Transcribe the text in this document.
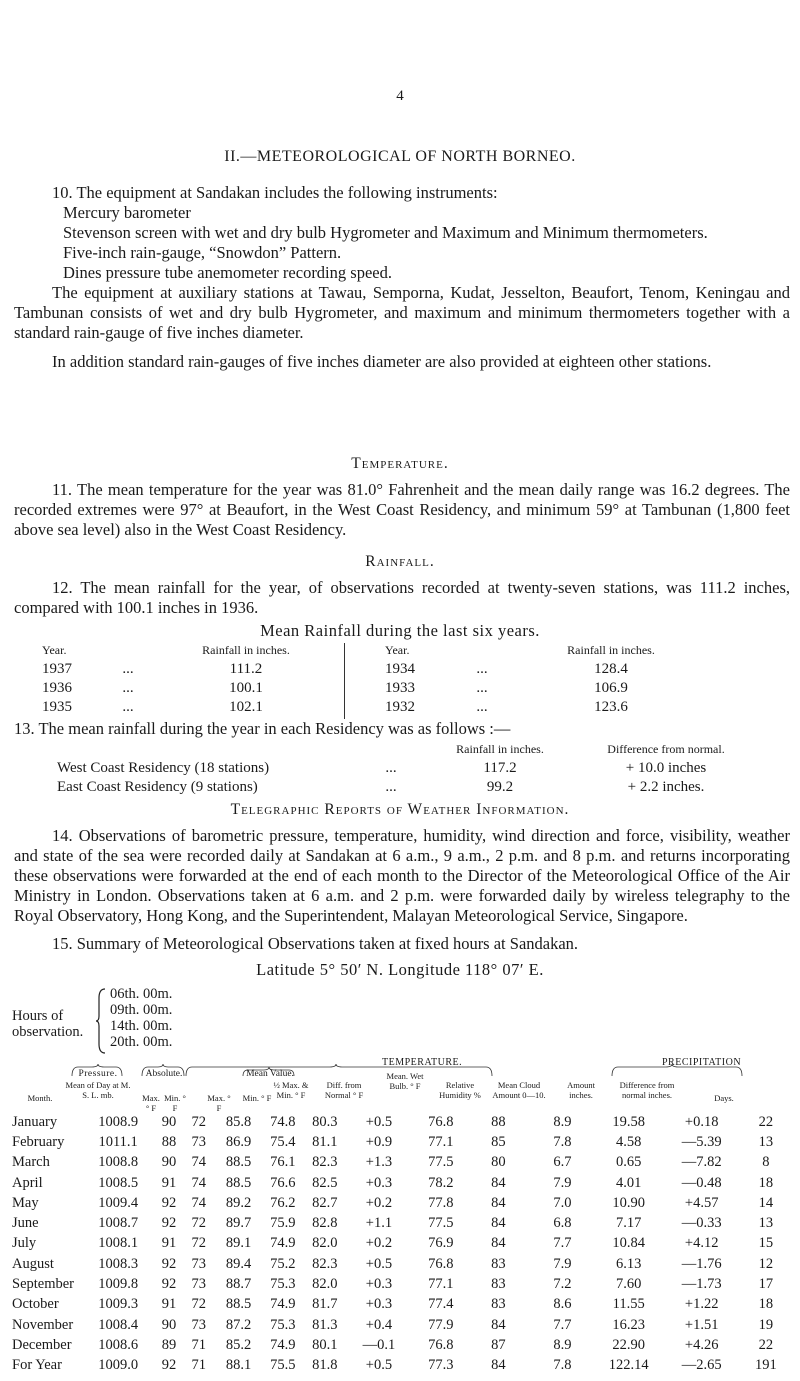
4
II.—METEOROLOGICAL OF NORTH BORNEO.

10. The equipment at Sandakan includes the following instruments:

Mercury barometer

Stevenson screen with wet and dry bulb Hygrometer and Maximum and Minimum thermometers.

Five-inch rain-gauge, “Snowdon” Pattern.

Dines pressure tube anemometer recording speed.

The equipment at auxiliary stations at Tawau, Semporna, Kudat, Jesselton, Beaufort, Tenom, Keningau and Tambunan consists of wet and dry bulb Hygrometer, and maximum and minimum thermometers together with a standard rain-gauge of five inches diameter.

In addition standard rain-gauges of five inches diameter are also provided at eighteen other stations.

Temperature.

11. The mean temperature for the year was 81.0° Fahrenheit and the mean daily range was 16.2 degrees. The recorded extremes were 97° at Beaufort, in the West Coast Residency, and minimum 59° at Tambunan (1,800 feet above sea level) also in the West Coast Residency.

Rainfall.

12. The mean rainfall for the year, of observations recorded at twenty-seven stations, was 111.2 inches, compared with 100.1 inches in 1936.

Mean Rainfall during the last six years.
Year.		Rainfall in inches.
1937	...	111.2
1936	...	100.1
1935	...	102.1
Year.		Rainfall in inches.
1934	...	128.4
1933	...	106.9
1932	...	123.6

13. The mean rainfall during the year in each Residency was as follows :—

		Rainfall in inches.	Difference from normal.
West Coast Residency (18 stations)	...	117.2	+ 10.0 inches
East Coast Residency (9 stations)	...	99.2	+ 2.2 inches.
Telegraphic Reports of Weather Information.

14. Observations of barometric pressure, temperature, humidity, wind direction and force, visibility, weather and state of the sea were recorded daily at Sandakan at 6 a.m., 9 a.m., 2 p.m. and 8 p.m. and returns incorporating these observations were forwarded at the end of each month to the Director of the Meteorological Office of the Air Ministry in London. Observations taken at 6 a.m. and 2 p.m. were forwarded daily by wireless telegraphy to the Royal Observatory, Hong Kong, and the Superintendent, Malayan Meteorological Service, Singapore.

15. Summary of Meteorological Observations taken at fixed hours at Sandakan.

Latitude 5° 50′ N. Longitude 118° 07′ E.
Hours of
observation.
06th. 00m.
09th. 00m.
14th. 00m.
20th. 00m.
TEMPERATURE.	PRECIPITATION
Pressure.	Absolute.	Mean Value.
Month.
Mean of Day at M. S. L. mb.	Max. ° F
Min. ° F
Max. ° F
Min. ° F
½ Max. & Min. ° F
Diff. from Normal ° F
Mean. Wet Bulb. ° F	Relative Humidity %
Mean Cloud Amount 0—10.
Amount inches.
Difference from normal inches.	Days.
January	1008.9	90	72	85.8	74.8	80.3	+0.5	76.8	88	8.9	19.58	+0.18	22
February	1011.1	88	73	86.9	75.4	81.1	+0.9	77.1	85	7.8	4.58	—5.39	13
March	1008.8	90	74	88.5	76.1	82.3	+1.3	77.5	80	6.7	0.65	—7.82	8
April	1008.5	91	74	88.5	76.6	82.5	+0.3	78.2	84	7.9	4.01	—0.48	18
May	1009.4	92	74	89.2	76.2	82.7	+0.2	77.8	84	7.0	10.90	+4.57	14
June	1008.7	92	72	89.7	75.9	82.8	+1.1	77.5	84	6.8	7.17	—0.33	13
July	1008.1	91	72	89.1	74.9	82.0	+0.2	76.9	84	7.7	10.84	+4.12	15
August	1008.3	92	73	89.4	75.2	82.3	+0.5	76.8	83	7.9	6.13	—1.76	12
September	1009.8	92	73	88.7	75.3	82.0	+0.3	77.1	83	7.2	7.60	—1.73	17
October	1009.3	91	72	88.5	74.9	81.7	+0.3	77.4	83	8.6	11.55	+1.22	18
November	1008.4	90	73	87.2	75.3	81.3	+0.4	77.9	84	7.7	16.23	+1.51	19
December	1008.6	89	71	85.2	74.9	80.1	—0.1	76.8	87	8.9	22.90	+4.26	22
For Year	1009.0	92	71	88.1	75.5	81.8	+0.5	77.3	84	7.8	122.14	—2.65	191
